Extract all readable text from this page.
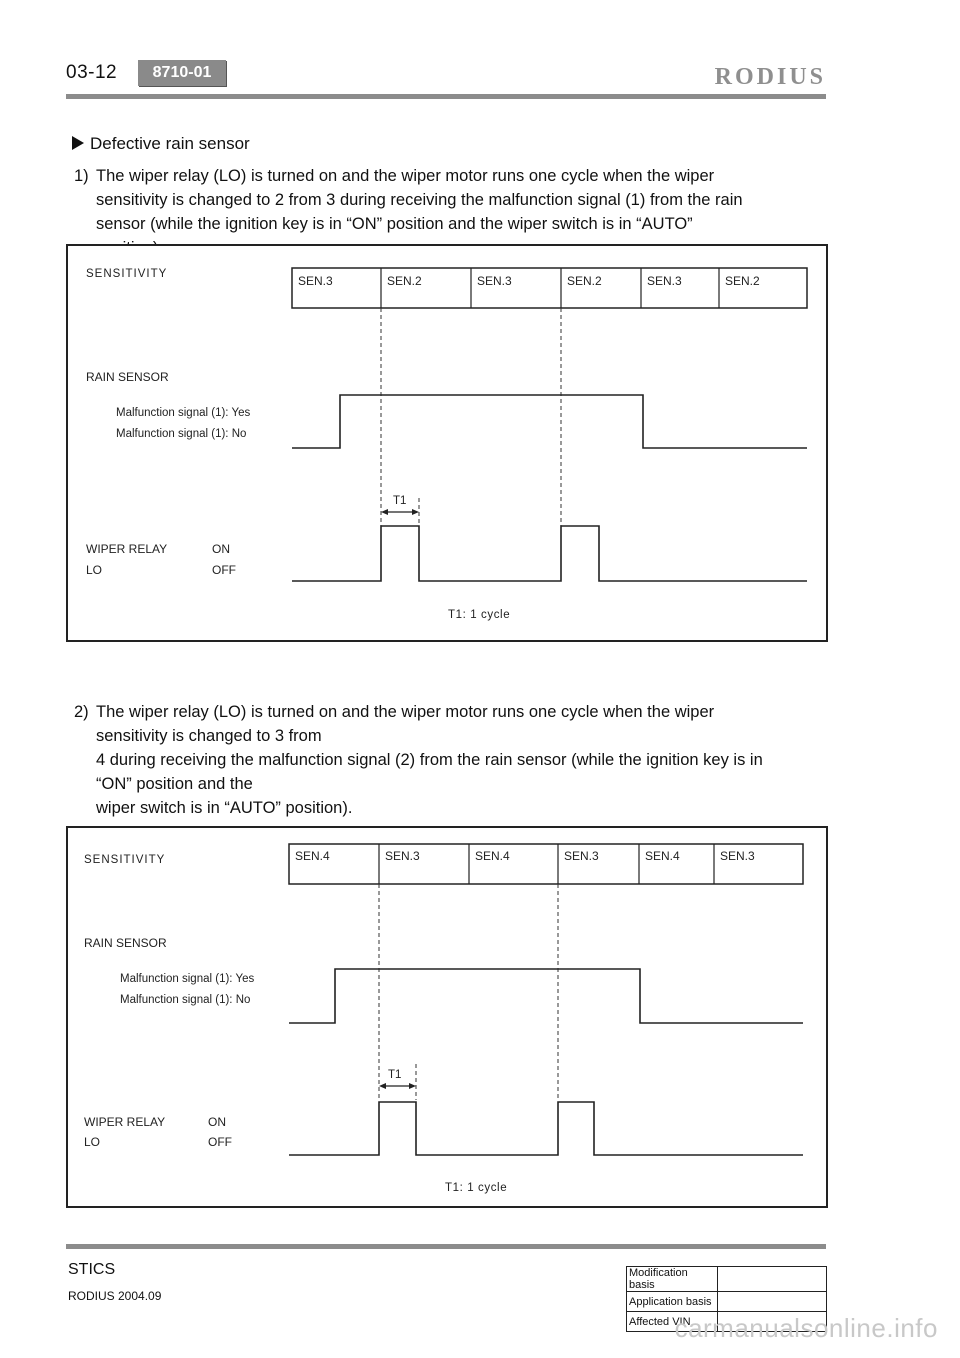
03-12	8710-01	RODIUS
Defective rain sensor
1) The wiper relay (LO) is turned on and the wiper motor runs one cycle when the wiper
sensitivity is changed to 2 from 3 during receiving the malfunction signal (1) from the rain
sensor (while the ignition key is in “ON” position and the wiper switch is in “AUTO”
SENSITIVITY	SEN.3	SEN.2	SEN.3	SEN.2	SEN.3	SEN.2
RAIN SENSOR
Malfunction signal (1): Yes
Malfunction signal (1): No
T1
WIPER RELAY
LO
ON
OFF
T1: 1 cycle
2) The wiper relay (LO) is turned on and the wiper motor runs one cycle when the wiper
sensitivity is changed to 3 from
4 during receiving the malfunction signal (2) from the rain sensor (while the ignition key is in
“ON” position and the
wiper switch is in “AUTO” position).
SENSITIVITY	SEN.4	SEN.3	SEN.4	SEN.3	SEN.4	SEN.3
RAIN SENSOR
Malfunction signal (1): Yes
Malfunction signal (1): No
T1
WIPER RELAY
LO
ON
OFF
T1: 1 cycle
STICS
RODIUS 2004.09
Modification basis	
Application basis	
Affected VIN	
carmanualsonline.info
